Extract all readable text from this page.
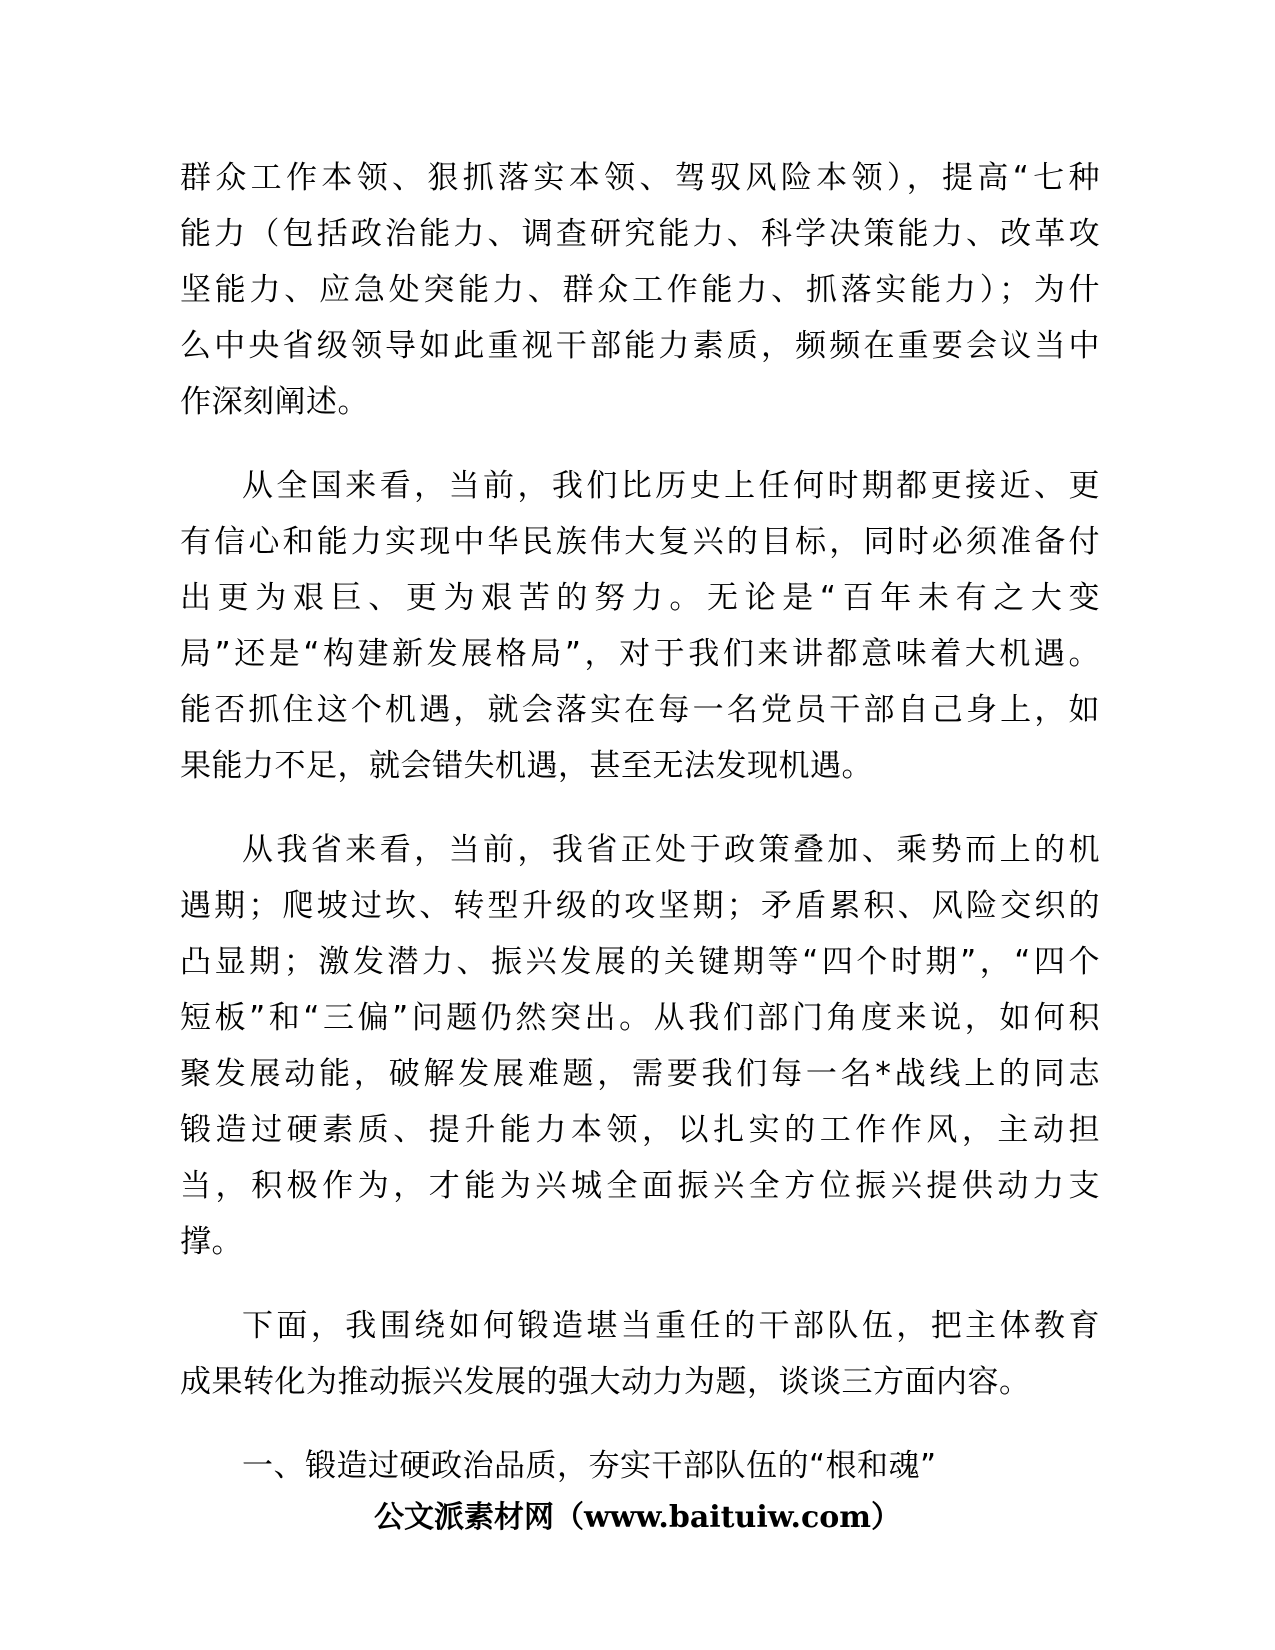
群众工作本领、狠抓落实本领、驾驭风险本领），提高“七种
能力（包括政治能力、调查研究能力、科学决策能力、改革攻
坚能力、应急处突能力、群众工作能力、抓落实能力）；为什
么中央省级领导如此重视干部能力素质，频频在重要会议当中
作深刻阐述。
从全国来看，当前，我们比历史上任何时期都更接近、更
有信心和能力实现中华民族伟大复兴的目标，同时必须准备付
出更为艰巨、更为艰苦的努力。无论是“百年未有之大变
局”还是“构建新发展格局”，对于我们来讲都意味着大机遇。
能否抓住这个机遇，就会落实在每一名党员干部自己身上，如
果能力不足，就会错失机遇，甚至无法发现机遇。
从我省来看，当前，我省正处于政策叠加、乘势而上的机
遇期；爬坡过坎、转型升级的攻坚期；矛盾累积、风险交织的
凸显期；激发潜力、振兴发展的关键期等“四个时期”，“四个
短板”和“三偏”问题仍然突出。从我们部门角度来说，如何积
聚发展动能，破解发展难题，需要我们每一名*战线上的同志
锻造过硬素质、提升能力本领，以扎实的工作作风，主动担
当，积极作为，才能为兴城全面振兴全方位振兴提供动力支
撑。
下面，我围绕如何锻造堪当重任的干部队伍，把主体教育
成果转化为推动振兴发展的强大动力为题，谈谈三方面内容。
一、锻造过硬政治品质，夯实干部队伍的“根和魂”
公文派素材网（www.baituiw.com）
